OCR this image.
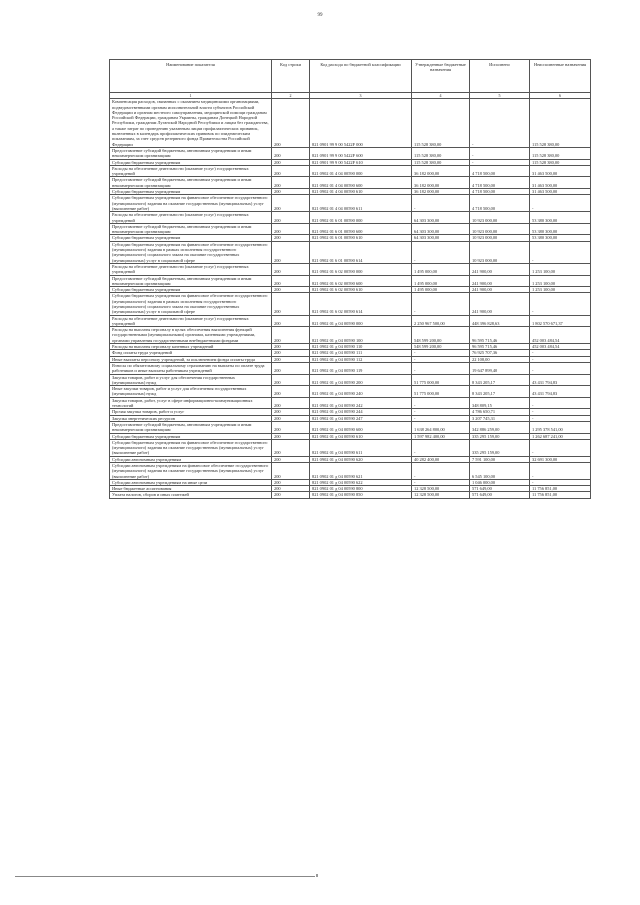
99
Наименование показателя	Код строки	Код расхода по бюджетной классификации	Утвержденные бюджетные назначения	Исполнено	Неисполненные назначения
1	2	3	4	5	6
Компенсация расходов, связанных с оказанием медицинскими организациями, подведомственными органам исполнительной власти субъектов Российской Федерации и органам местного самоуправления, медицинской помощи гражданам Российской Федерации, гражданам Украины, гражданам Донецкой Народной Республики, гражданам Луганской Народной Республики и лицам без гражданства, а также затрат по проведению указанным лицам профилактических прививок, включенных в календарь профилактических прививок по эпидемическим показаниям, за счет средств резервного фонда Правительства Российской Федерации	200	821 0901 99 9 00 5422F 000	115 528 380,00	-	115 528 380,00
Предоставление субсидий бюджетным, автономным учреждениям и иным некоммерческим организациям	200	821 0901 99 9 00 5422F 600	115 528 380,00	-	115 528 380,00
Субсидии бюджетным учреждениям	200	821 0901 99 9 00 5422F 610	115 528 380,00	-	115 528 380,00
Расходы на обеспечение деятельности (оказание услуг) государственных учреждений	200	821 0902 01 4 04 00590 000	36 182 000,00	4 718 500,00	31 463 500,00
Предоставление субсидий бюджетным, автономным учреждениям и иным некоммерческим организациям	200	821 0902 01 4 04 00590 600	36 182 000,00	4 718 500,00	31 463 500,00
Субсидии бюджетным учреждениям	200	821 0902 01 4 04 00590 610	36 182 000,00	4 718 500,00	31 463 500,00
Субсидии бюджетным учреждениям на финансовое обеспечение государственного (муниципального) задания на оказание государственных (муниципальных) услуг (выполнение работ)	200	821 0902 01 4 04 00590 611	-	4 718 500,00	-
Расходы на обеспечение деятельности (оказание услуг) государственных учреждений	200	821 0902 01 6 01 00590 000	64 303 300,00	10 923 000,00	53 380 300,00
Предоставление субсидий бюджетным, автономным учреждениям и иным некоммерческим организациям	200	821 0902 01 6 01 00590 600	64 303 300,00	10 923 000,00	53 380 300,00
Субсидии бюджетным учреждениям	200	821 0902 01 6 01 00590 610	64 303 300,00	10 923 000,00	53 380 300,00
Субсидии бюджетным учреждениям на финансовое обеспечение государственного (муниципального) задания в рамках исполнения государственного (муниципального) социального заказа на оказание государственных (муниципальных) услуг в социальной сфере	200	821 0902 01 6 01 00590 614	-	10 923 000,00	-
Расходы на обеспечение деятельности (оказание услуг) государственных учреждений	200	821 0902 01 6 02 00590 000	1 495 000,00	241 900,00	1 253 100,00
Предоставление субсидий бюджетным, автономным учреждениям и иным некоммерческим организациям	200	821 0902 01 6 02 00590 600	1 495 000,00	241 900,00	1 253 100,00
Субсидии бюджетным учреждениям	200	821 0902 01 6 02 00590 610	1 495 000,00	241 900,00	1 253 100,00
Субсидии бюджетным учреждениям на финансовое обеспечение государственного (муниципального) задания в рамках исполнения государственного (муниципального) социального заказа на оказание государственных (муниципальных) услуг в социальной сфере	200	821 0902 01 6 02 00590 614	-	241 900,00	-
Расходы на обеспечение деятельности (оказание услуг) государственных учреждений	200	821 0902 01 д 04 00590 000	2 250 967 500,00	448 396 828,63	1 802 570 671,37
Расходы на выплаты персоналу в целях обеспечения выполнения функций государственными (муниципальными) органами, казенными учреждениями, органами управления государственными внебюджетными фондами	200	821 0902 01 д 04 00590 100	548 599 200,00	96 595 715,46	452 003 484,54
Расходы на выплаты персоналу казенных учреждений	200	821 0902 01 д 04 00590 110	548 599 200,00	96 595 715,46	452 003 484,54
Фонд оплаты труда учреждений	200	821 0902 01 д 04 00590 111	-	76 925 707,36	-
Иные выплаты персоналу учреждений, за исключением фонда оплаты труда	200	821 0902 01 д 04 00590 112	-	22 108,00	-
Взносы по обязательному социальному страхованию на выплаты по оплате труда работников и иные выплаты работникам учреждений	200	821 0902 01 д 04 00590 119	-	19 647 899,40	-
Закупка товаров, работ и услуг для обеспечения государственных (муниципальных) нужд	200	821 0902 01 д 04 00590 200	51 775 000,00	8 343 205,17	43 431 794,83
Иные закупки товаров, работ и услуг для обеспечения государственных (муниципальных) нужд	200	821 0902 01 д 04 00590 240	51 775 000,00	8 343 205,17	43 431 794,83
Закупка товаров, работ, услуг в сфере информационно-коммуникационных технологий	200	821 0902 01 д 04 00590 242	-	348 809,15	-
Прочая закупка товаров, работ и услуг	200	821 0902 01 д 04 00590 244	-	4 786 650,71	-
Закупка энергетических ресурсов	200	821 0902 01 д 04 00590 247	-	3 207 745,31	-
Предоставление субсидий бюджетным, автономным учреждениям и иным некоммерческим организациям	200	821 0902 01 д 04 00590 600	1 638 264 800,00	342 886 259,00	1 295 378 541,00
Субсидии бюджетным учреждениям	200	821 0902 01 д 04 00590 610	1 597 982 400,00	335 295 159,00	1 262 687 241,00
Субсидии бюджетным учреждениям на финансовое обеспечение государственного (муниципального) задания на оказание государственных (муниципальных) услуг (выполнение работ)	200	821 0902 01 д 04 00590 611	-	335 295 159,00	-
Субсидии автономным учреждениям	200	821 0902 01 д 04 00590 620	40 282 400,00	7 591 100,00	32 691 300,00
Субсидии автономным учреждениям на финансовое обеспечение государственного (муниципального) задания на оказание государственных (муниципальных) услуг (выполнение работ)	200	821 0902 01 д 04 00590 621	-	6 545 100,00	-
Субсидии автономным учреждениям на иные цели	200	821 0902 01 д 04 00590 622	-	1 046 000,00	-
Иные бюджетные ассигнования	200	821 0902 01 д 04 00590 800	12 328 500,00	571 649,00	11 756 851,00
Уплата налогов, сборов и иных платежей	200	821 0902 01 д 04 00590 850	12 328 500,00	571 649,00	11 756 851,00
